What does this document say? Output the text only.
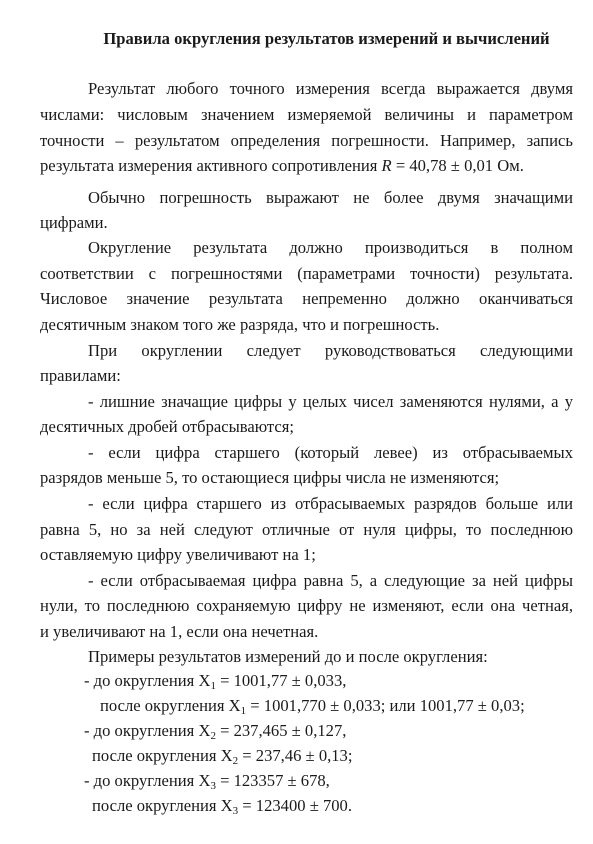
Правила округления результатов измерений и вычислений
Результат любого точного измерения всегда выражается двумя
числами: числовым значением измеряемой величины и параметром
точности – результатом определения погрешности. Например, запись
результата измерения активного сопротивления R = 40,78 ± 0,01 Ом.
Обычно погрешность выражают не более двумя значащими
цифрами.
Округление результата должно производиться в полном
соответствии с погрешностями (параметрами точности) результата.
Числовое значение результата непременно должно оканчиваться
десятичным знаком того же разряда, что и погрешность.
При округлении следует руководствоваться следующими
правилами:
- лишние значащие цифры у целых чисел заменяются нулями, а у
десятичных дробей отбрасываются;
- если цифра старшего (который левее) из отбрасываемых
разрядов меньше 5, то остающиеся цифры числа не изменяются;
- если цифра старшего из отбрасываемых разрядов больше или
равна 5, но за ней следуют отличные от нуля цифры, то последнюю
оставляемую цифру увеличивают на 1;
- если отбрасываемая цифра равна 5, а следующие за ней цифры
нули, то последнюю сохраняемую цифру не изменяют, если она четная,
и увеличивают на 1, если она нечетная.
Примеры результатов измерений до и после округления:
- до округления $X_1 = 1001,77 \pm 0,033$,
после округления $X_1 = 1001,770 \pm 0,033$; или 1001,77 ± 0,03;
- до округления $X_2 = 237,465 \pm 0,127$,
после округления $X_2 = 237,46 \pm 0,13$;
- до округления $X_3 = 123357 \pm 678$,
после округления $X_3 = 123400 \pm 700$.
